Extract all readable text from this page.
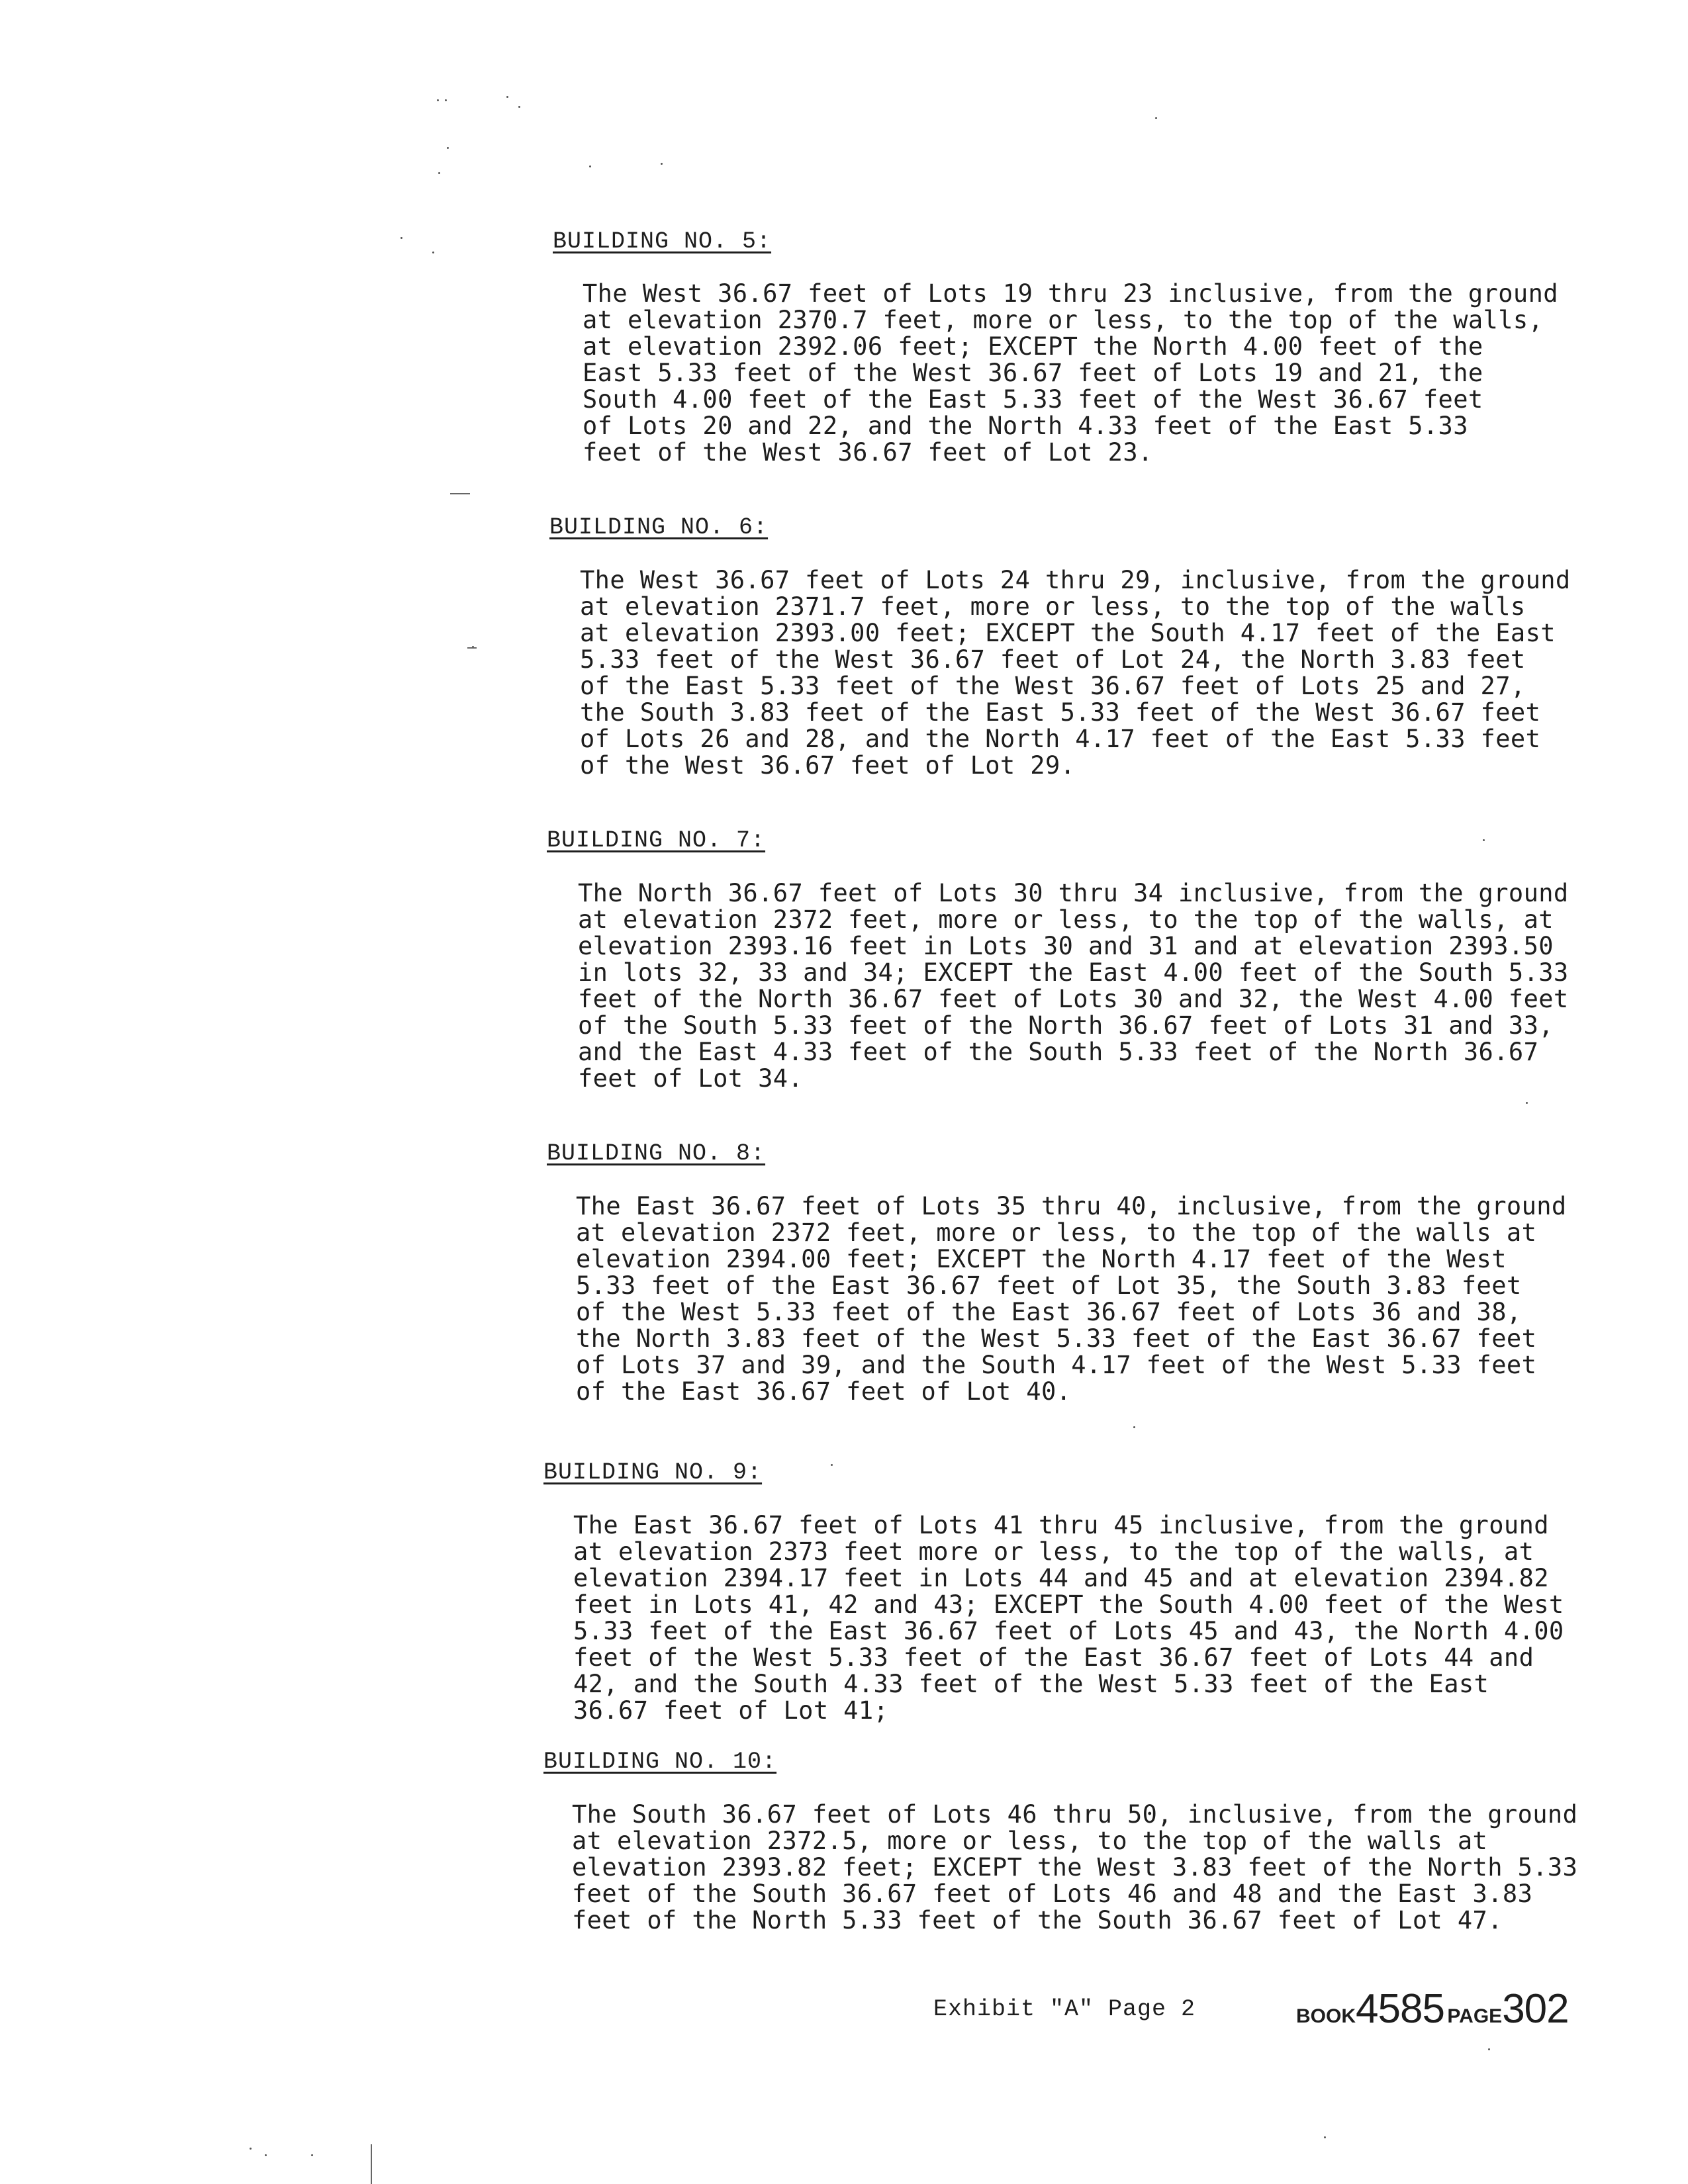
BUILDING NO. 5:
The West 36.67 feet of Lots 19 thru 23 inclusive, from the ground
at elevation 2370.7 feet, more or less, to the top of the walls,
at elevation 2392.06 feet; EXCEPT the North 4.00 feet of the
East 5.33 feet of the West 36.67 feet of Lots 19 and 21, the
South 4.00 feet of the East 5.33 feet of the West 36.67 feet
of Lots 20 and 22, and the North 4.33 feet of the East 5.33
feet of the West 36.67 feet of Lot 23.
BUILDING NO. 6:
The West 36.67 feet of Lots 24 thru 29, inclusive, from the ground
at elevation 2371.7 feet, more or less, to the top of the walls
at elevation 2393.00 feet; EXCEPT the South 4.17 feet of the East
5.33 feet of the West 36.67 feet of Lot 24, the North 3.83 feet
of the East 5.33 feet of the West 36.67 feet of Lots 25 and 27,
the South 3.83 feet of the East 5.33 feet of the West 36.67 feet
of Lots 26 and 28, and the North 4.17 feet of the East 5.33 feet
of the West 36.67 feet of Lot 29.
BUILDING NO. 7:
The North 36.67 feet of Lots 30 thru 34 inclusive, from the ground
at elevation 2372 feet, more or less, to the top of the walls, at
elevation 2393.16 feet in Lots 30 and 31 and at elevation 2393.50
in lots 32, 33 and 34; EXCEPT the East 4.00 feet of the South 5.33
feet of the North 36.67 feet of Lots 30 and 32, the West 4.00 feet
of the South 5.33 feet of the North 36.67 feet of Lots 31 and 33,
and the East 4.33 feet of the South 5.33 feet of the North 36.67
feet of Lot 34.
BUILDING NO. 8:
The East 36.67 feet of Lots 35 thru 40, inclusive, from the ground
at elevation 2372 feet, more or less, to the top of the walls at
elevation 2394.00 feet; EXCEPT the North 4.17 feet of the West
5.33 feet of the East 36.67 feet of Lot 35, the South 3.83 feet
of the West 5.33 feet of the East 36.67 feet of Lots 36 and 38,
the North 3.83 feet of the West 5.33 feet of the East 36.67 feet
of Lots 37 and 39, and the South 4.17 feet of the West 5.33 feet
of the East 36.67 feet of Lot 40.
BUILDING NO. 9:
The East 36.67 feet of Lots 41 thru 45 inclusive, from the ground
at elevation 2373 feet more or less, to the top of the walls, at
elevation 2394.17 feet in Lots 44 and 45 and at elevation 2394.82
feet in Lots 41, 42 and 43; EXCEPT the South 4.00 feet of the West
5.33 feet of the East 36.67 feet of Lots 45 and 43, the North 4.00
feet of the West 5.33 feet of the East 36.67 feet of Lots 44 and
42, and the South 4.33 feet of the West 5.33 feet of the East
36.67 feet of Lot 41;
BUILDING NO. 10:
The South 36.67 feet of Lots 46 thru 50, inclusive, from the ground
at elevation 2372.5, more or less, to the top of the walls at
elevation 2393.82 feet; EXCEPT the West 3.83 feet of the North 5.33
feet of the South 36.67 feet of Lots 46 and 48 and the East 3.83
feet of the North 5.33 feet of the South 36.67 feet of Lot 47.
Exhibit "A" Page 2	BOOK4585 PAGE302
